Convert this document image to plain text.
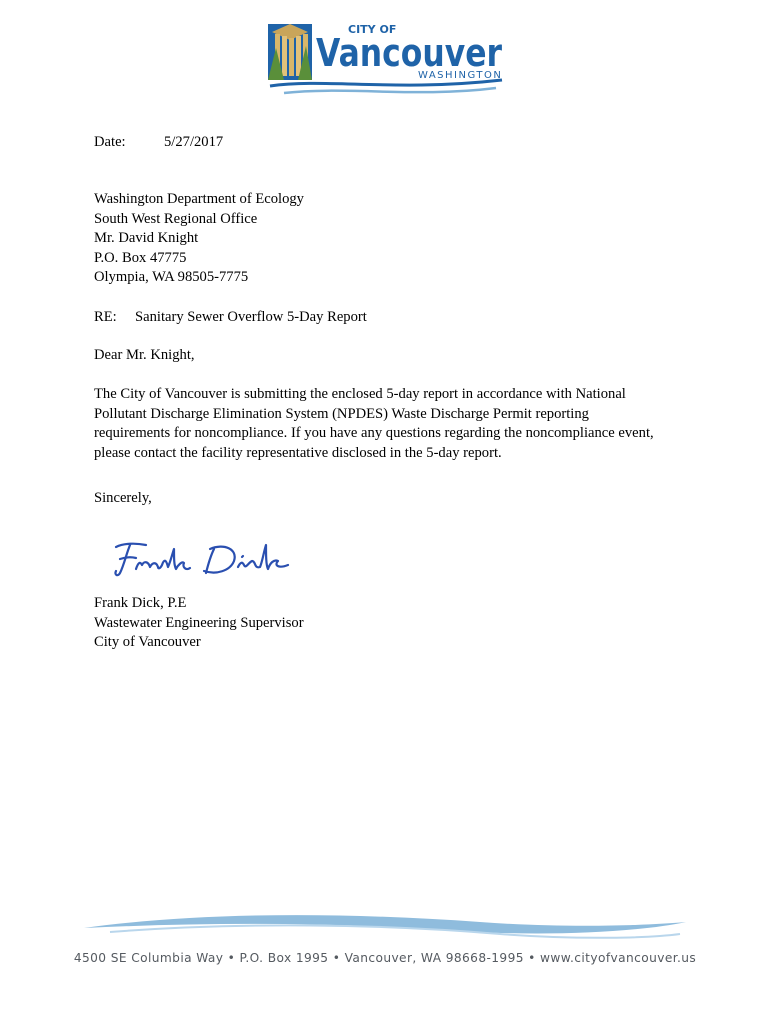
CITY OF
Vancouver
WASHINGTON
Date:	5/27/2017
Washington Department of Ecology
South West Regional Office
Mr. David Knight
P.O. Box 47775
Olympia, WA 98505-7775
RE: Sanitary Sewer Overflow 5-Day Report
Dear Mr. Knight,
The City of Vancouver is submitting the enclosed 5-day report in accordance with National
Pollutant Discharge Elimination System (NPDES) Waste Discharge Permit reporting
requirements for noncompliance. If you have any questions regarding the noncompliance event,
please contact the facility representative disclosed in the 5-day report.
Sincerely,
Frank Dick, P.E
Wastewater Engineering Supervisor
City of Vancouver
4500 SE Columbia Way • P.O. Box 1995 • Vancouver, WA 98668-1995 • www.cityofvancouver.us
